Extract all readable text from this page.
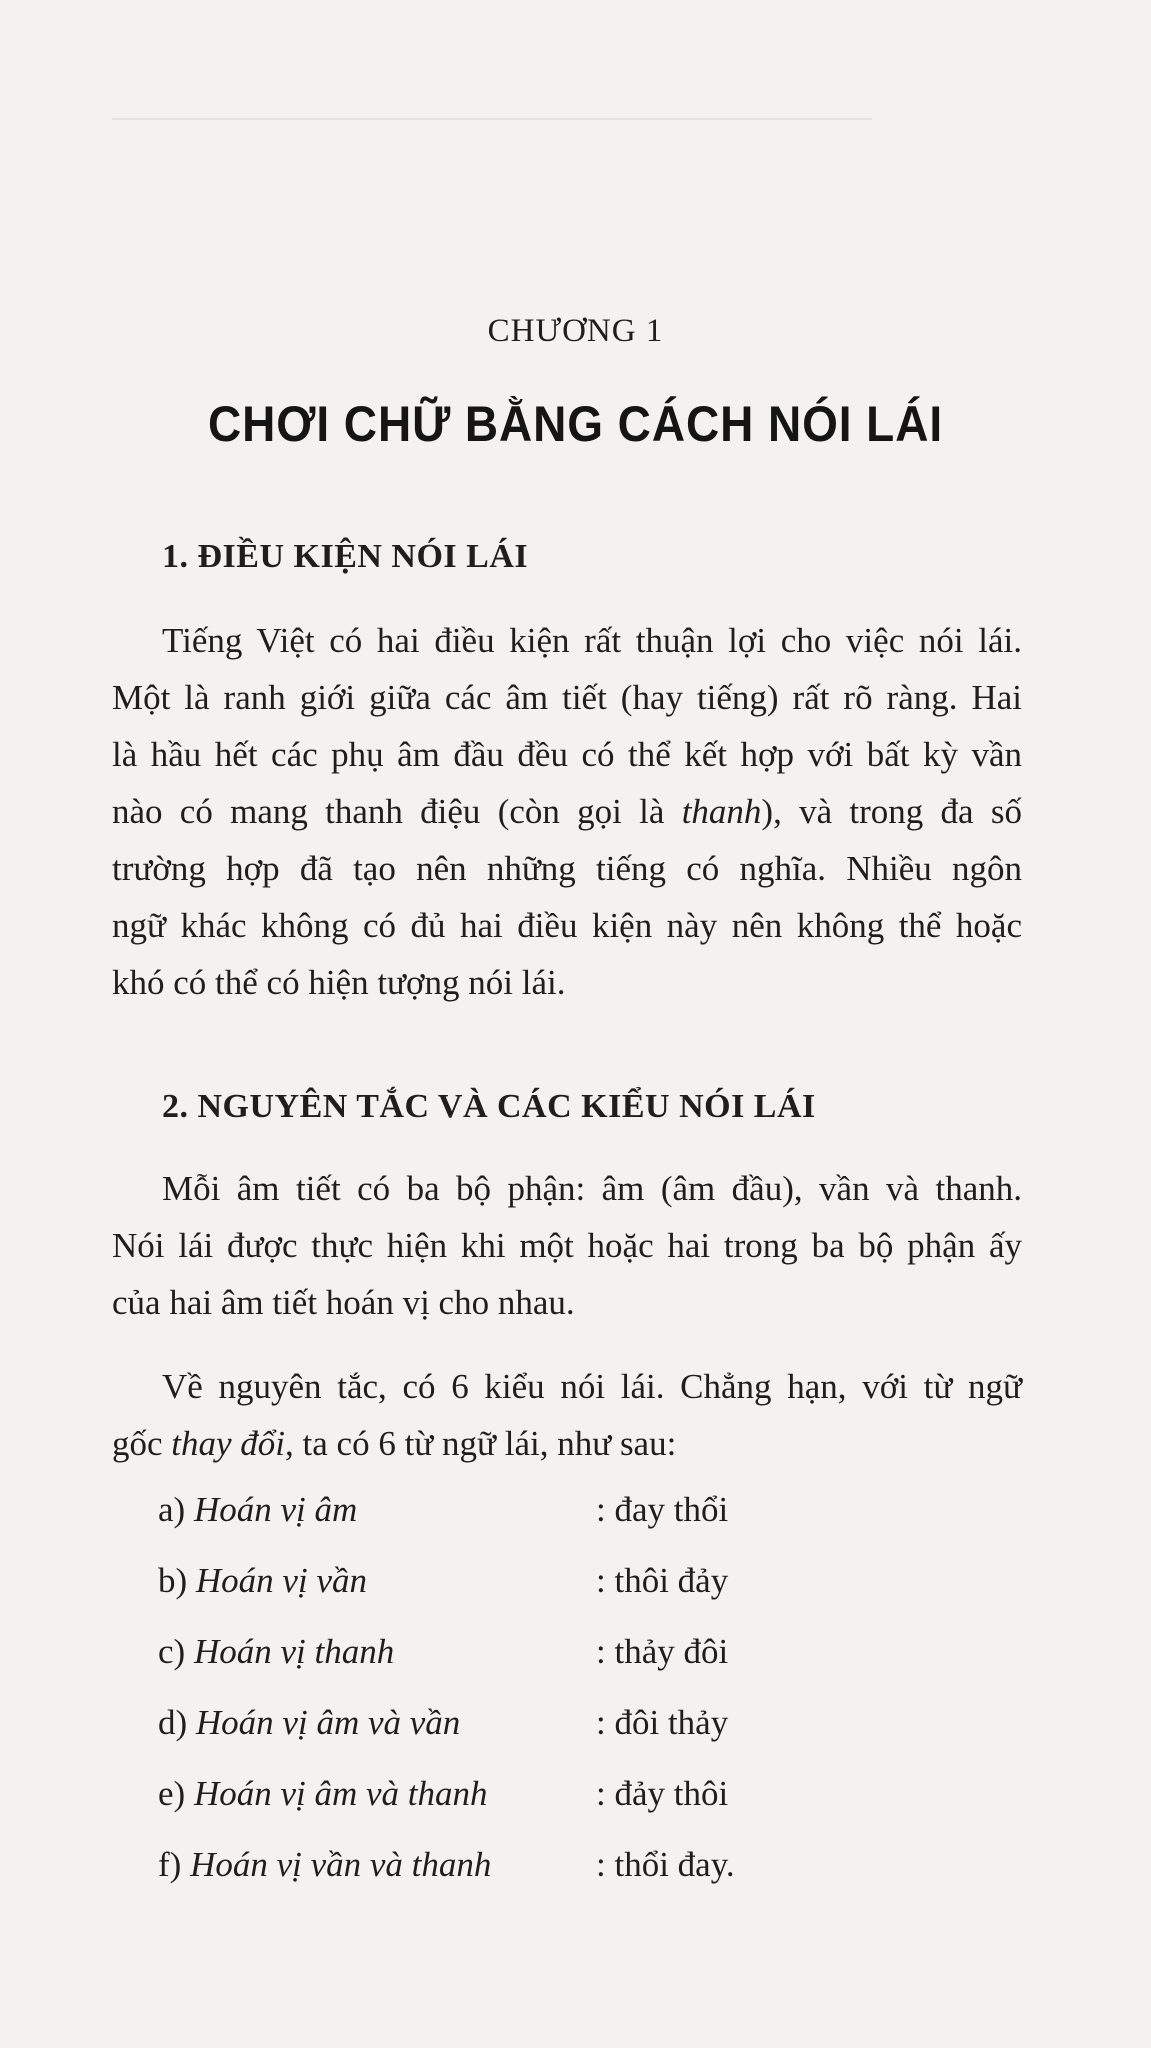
CHƯƠNG 1
CHƠI CHỮ BẰNG CÁCH NÓI LÁI
1. ĐIỀU KIỆN NÓI LÁI
Tiếng Việt có hai điều kiện rất thuận lợi cho việc nói lái.
Một là ranh giới giữa các âm tiết (hay tiếng) rất rõ ràng. Hai
là hầu hết các phụ âm đầu đều có thể kết hợp với bất kỳ vần
nào có mang thanh điệu (còn gọi là thanh), và trong đa số
trường hợp đã tạo nên những tiếng có nghĩa. Nhiều ngôn
ngữ khác không có đủ hai điều kiện này nên không thể hoặc
khó có thể có hiện tượng nói lái.
2. NGUYÊN TẮC VÀ CÁC KIỂU NÓI LÁI
Mỗi âm tiết có ba bộ phận: âm (âm đầu), vần và thanh.
Nói lái được thực hiện khi một hoặc hai trong ba bộ phận ấy
của hai âm tiết hoán vị cho nhau.
Về nguyên tắc, có 6 kiểu nói lái. Chẳng hạn, với từ ngữ
gốc thay đổi, ta có 6 từ ngữ lái, như sau:
a) Hoán vị âm	: đay thổi
b) Hoán vị vần	: thôi đảy
c) Hoán vị thanh	: thảy đôi
d) Hoán vị âm và vần	: đôi thảy
e) Hoán vị âm và thanh	: đảy thôi
f) Hoán vị vần và thanh	: thổi đay.
